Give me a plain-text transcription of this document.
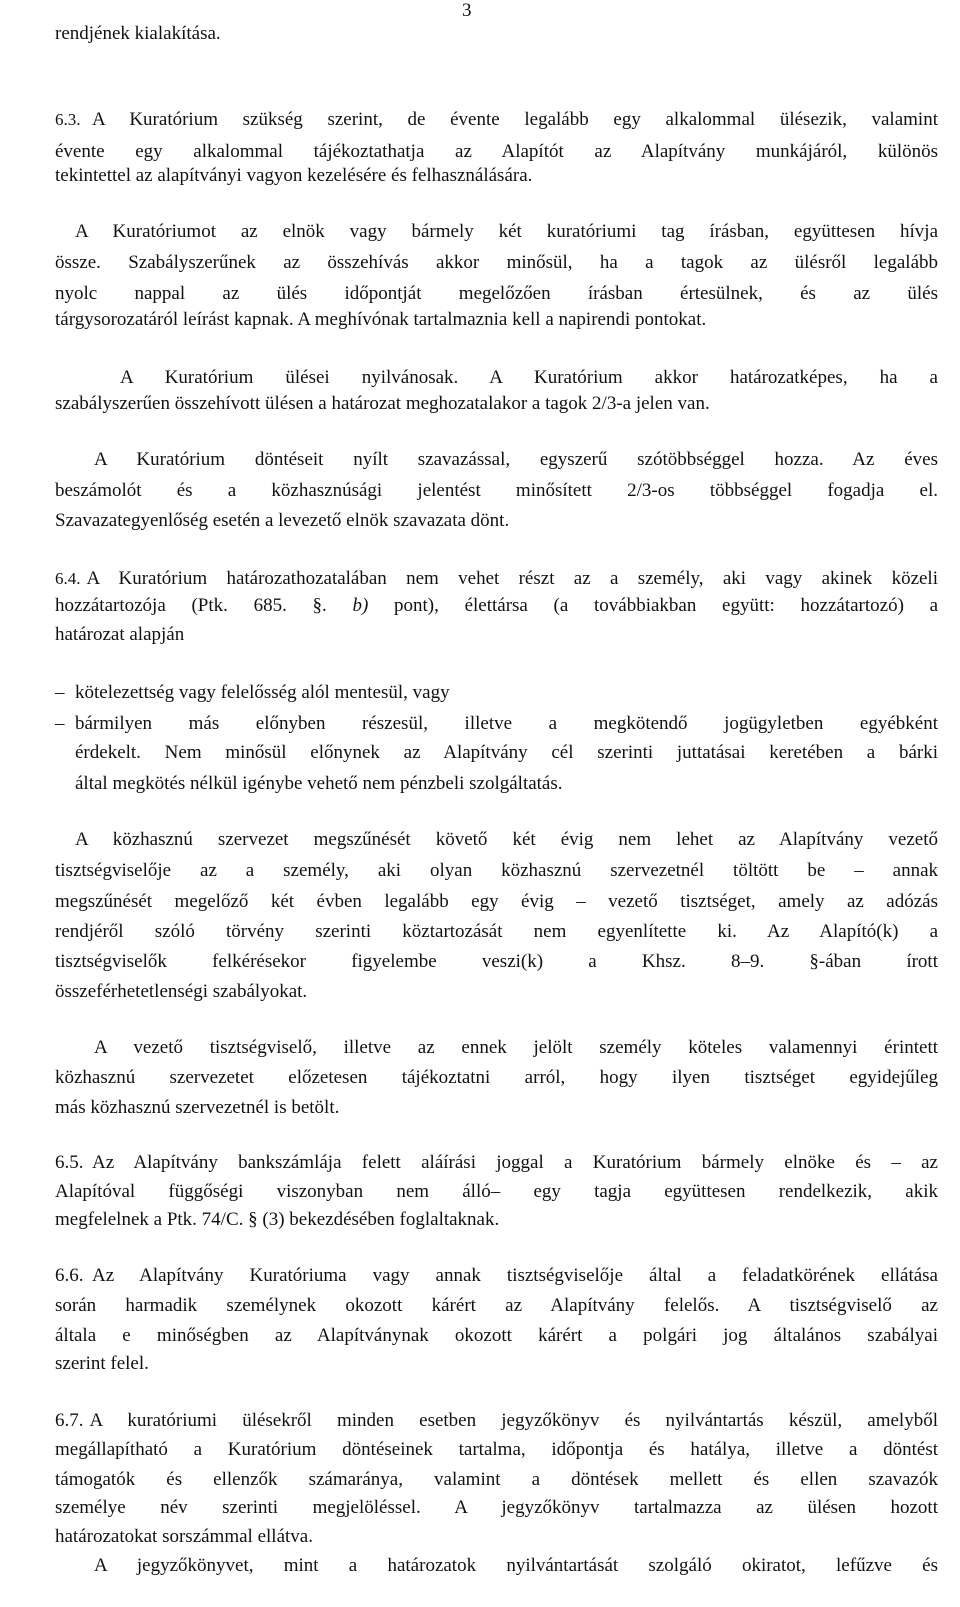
3
rendjének kialakítása.
6.3. A Kuratórium szükség szerint, de évente legalább egy alkalommal ülésezik, valamint
évente egy alkalommal tájékoztathatja az Alapítót az Alapítvány munkájáról, különös
tekintettel az alapítványi vagyon kezelésére és felhasználására.
A Kuratóriumot az elnök vagy bármely két kuratóriumi tag írásban, együttesen hívja
össze. Szabályszerűnek az összehívás akkor minősül, ha a tagok az ülésről legalább
nyolc nappal az ülés időpontját megelőzően írásban értesülnek, és az ülés
tárgysorozatáról leírást kapnak. A meghívónak tartalmaznia kell a napirendi pontokat.
A Kuratórium ülései nyilvánosak. A Kuratórium akkor határozatképes, ha a
szabályszerűen összehívott ülésen a határozat meghozatalakor a tagok 2/3-a jelen van.
A Kuratórium döntéseit nyílt szavazással, egyszerű szótöbbséggel hozza. Az éves
beszámolót és a közhasznúsági jelentést minősített 2/3-os többséggel fogadja el.
Szavazategyenlőség esetén a levezető elnök szavazata dönt.
6.4. A Kuratórium határozathozatalában nem vehet részt az a személy, aki vagy akinek közeli
hozzátartozója (Ptk. 685. §. b) pont), élettársa (a továbbiakban együtt: hozzátartozó) a
határozat alapján
– kötelezettség vagy felelősség alól mentesül, vagy
– bármilyen más előnyben részesül, illetve a megkötendő jogügyletben egyébként
érdekelt. Nem minősül előnynek az Alapítvány cél szerinti juttatásai keretében a bárki
által megkötés nélkül igénybe vehető nem pénzbeli szolgáltatás.
A közhasznú szervezet megszűnését követő két évig nem lehet az Alapítvány vezető
tisztségviselője az a személy, aki olyan közhasznú szervezetnél töltött be – annak
megszűnését megelőző két évben legalább egy évig – vezető tisztséget, amely az adózás
rendjéről szóló törvény szerinti köztartozását nem egyenlítette ki. Az Alapító(k) a
tisztségviselők felkérésekor figyelembe veszi(k) a Khsz. 8–9. §-ában írott
összeférhetetlenségi szabályokat.
A vezető tisztségviselő, illetve az ennek jelölt személy köteles valamennyi érintett
közhasznú szervezetet előzetesen tájékoztatni arról, hogy ilyen tisztséget egyidejűleg
más közhasznú szervezetnél is betölt.
6.5. Az Alapítvány bankszámlája felett aláírási joggal a Kuratórium bármely elnöke és – az
Alapítóval függőségi viszonyban nem álló– egy tagja együttesen rendelkezik, akik
megfelelnek a Ptk. 74/C. § (3) bekezdésében foglaltaknak.
6.6. Az Alapítvány Kuratóriuma vagy annak tisztségviselője által a feladatkörének ellátása
során harmadik személynek okozott kárért az Alapítvány felelős. A tisztségviselő az
általa e minőségben az Alapítványnak okozott kárért a polgári jog általános szabályai
szerint felel.
6.7. A kuratóriumi ülésekről minden esetben jegyzőkönyv és nyilvántartás készül, amelyből
megállapítható a Kuratórium döntéseinek tartalma, időpontja és hatálya, illetve a döntést
támogatók és ellenzők számaránya, valamint a döntések mellett és ellen szavazók
személye név szerinti megjelöléssel. A jegyzőkönyv tartalmazza az ülésen hozott
határozatokat sorszámmal ellátva.
A jegyzőkönyvet, mint a határozatok nyilvántartását szolgáló okiratot, lefűzve és
